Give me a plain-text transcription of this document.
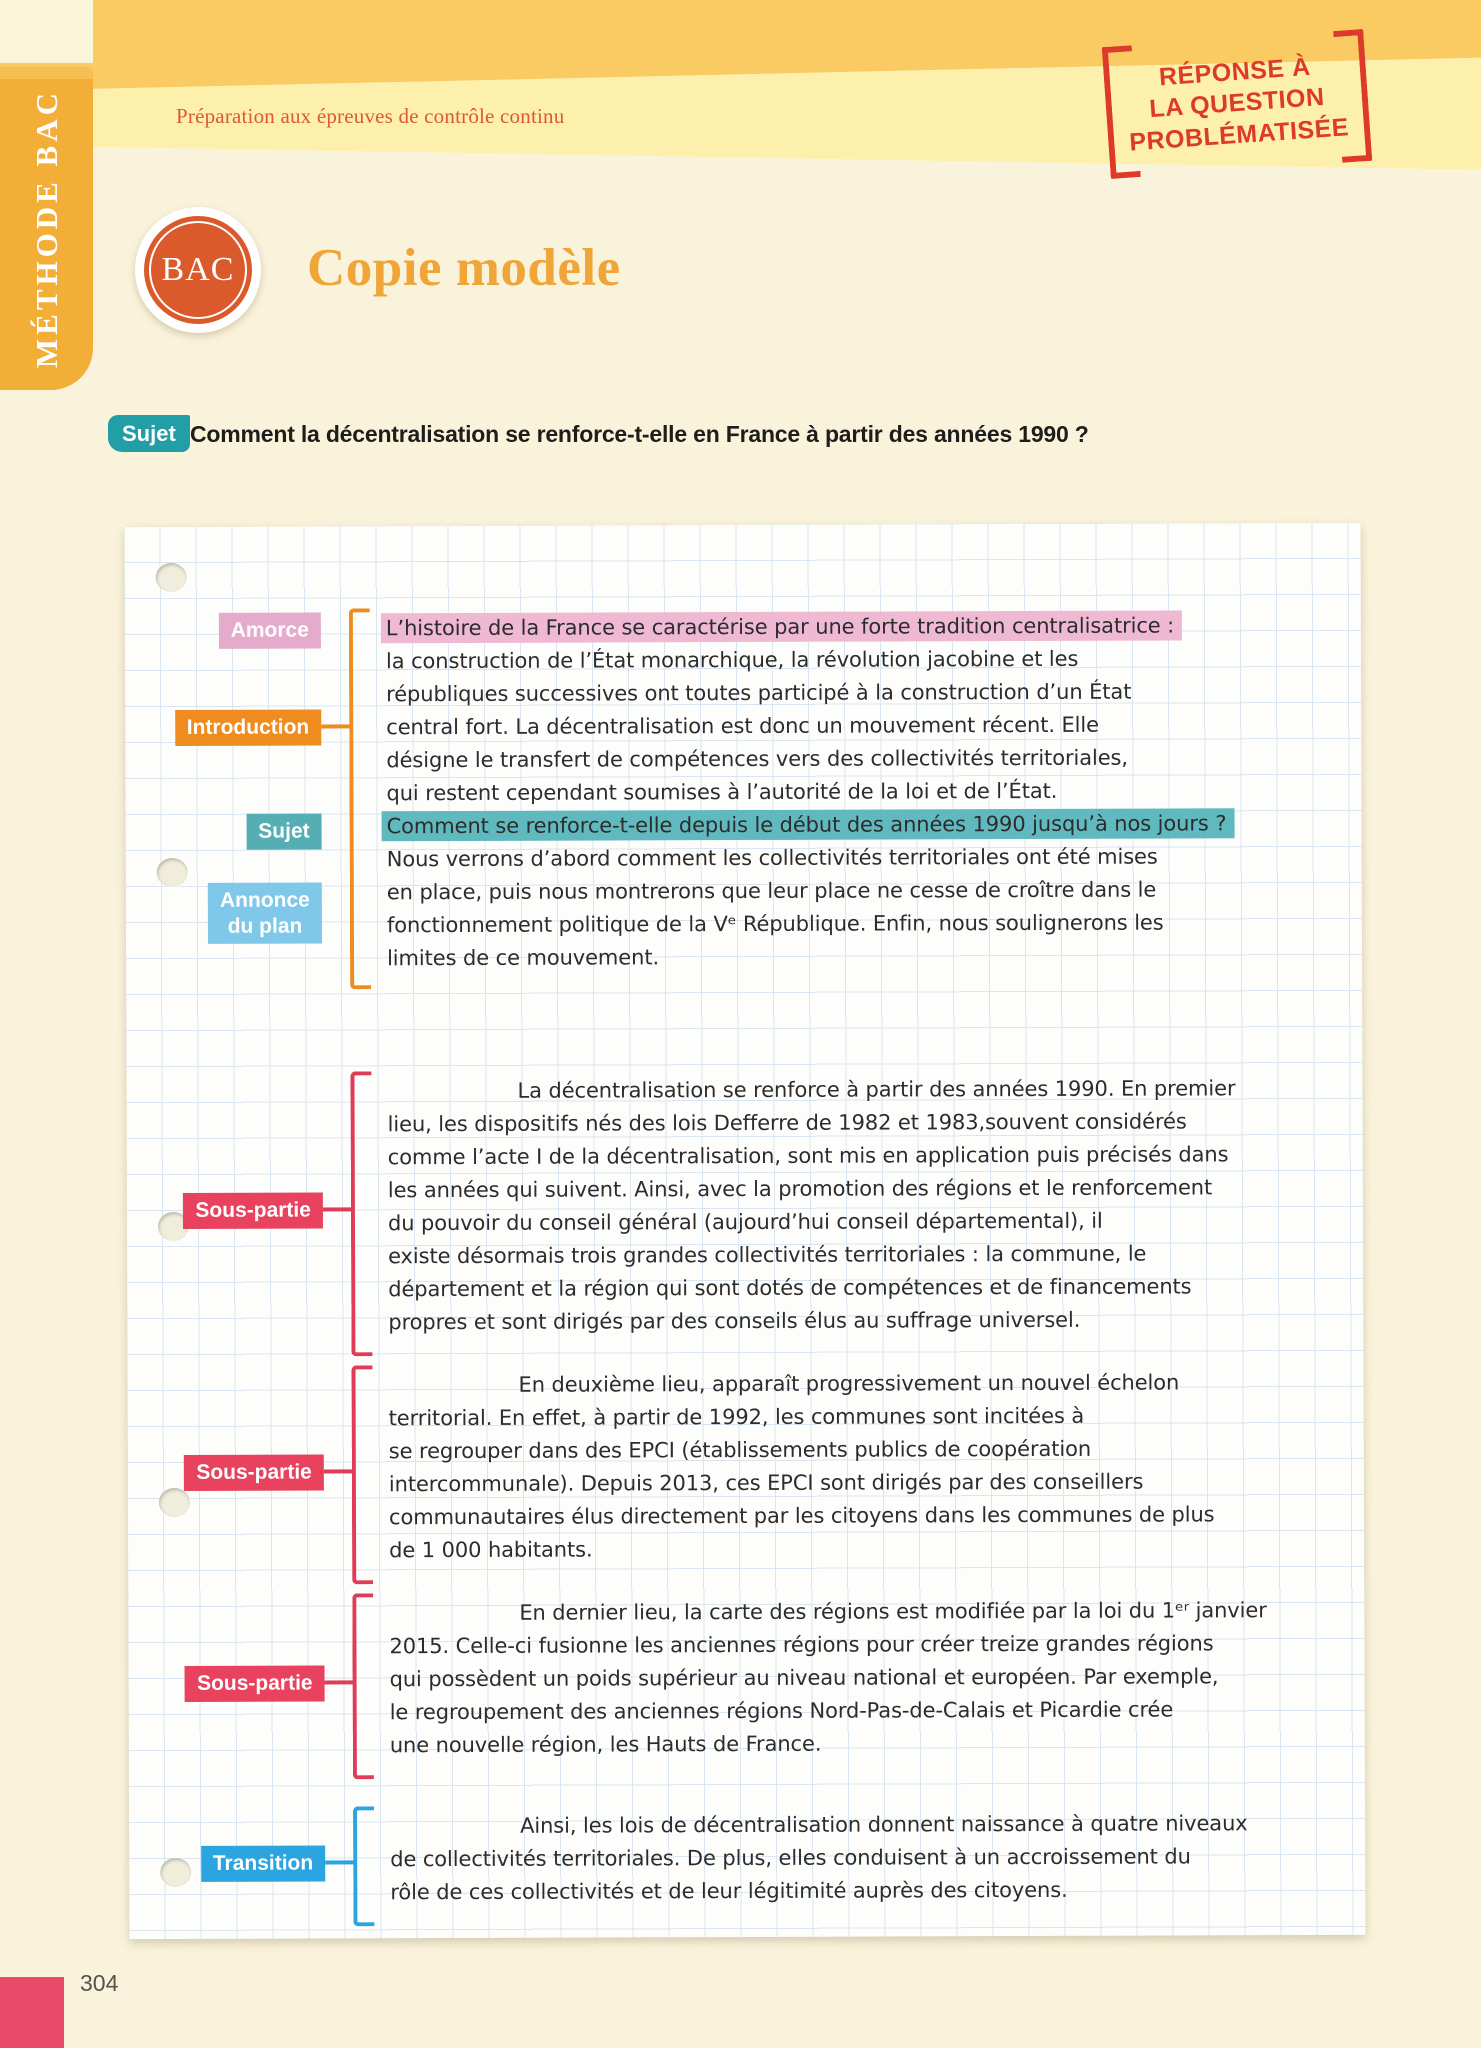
Préparation aux épreuves de contrôle continu
MÉTHODE BAC
RÉPONSE À
LA QUESTION
PROBLÉMATISÉE
BAC Copie modèle
Sujet Comment la décentralisation se renforce-t-elle en France à partir des années 1990 ?
Amorce
Introduction
Sujet
Annonce
du plan
Sous-partie
Sous-partie
Sous-partie
Transition
L’histoire de la France se caractérise par une forte tradition centralisatrice :
la construction de l’État monarchique, la révolution jacobine et les
républiques successives ont toutes participé à la construction d’un État
central fort. La décentralisation est donc un mouvement récent. Elle
désigne le transfert de compétences vers des collectivités territoriales,
qui restent cependant soumises à l’autorité de la loi et de l’État.
Comment se renforce-t-elle depuis le début des années 1990 jusqu’à nos jours ?
Nous verrons d’abord comment les collectivités territoriales ont été mises
en place, puis nous montrerons que leur place ne cesse de croître dans le
fonctionnement politique de la Vᵉ République. Enfin, nous soulignerons les
limites de ce mouvement.
La décentralisation se renforce à partir des années 1990. En premier
lieu, les dispositifs nés des lois Defferre de 1982 et 1983,souvent considérés
comme l’acte I de la décentralisation, sont mis en application puis précisés dans
les années qui suivent. Ainsi, avec la promotion des régions et le renforcement
du pouvoir du conseil général (aujourd’hui conseil départemental), il
existe désormais trois grandes collectivités territoriales : la commune, le
département et la région qui sont dotés de compétences et de financements
propres et sont dirigés par des conseils élus au suffrage universel.
En deuxième lieu, apparaît progressivement un nouvel échelon
territorial. En effet, à partir de 1992, les communes sont incitées à
se regrouper dans des EPCI (établissements publics de coopération
intercommunale). Depuis 2013, ces EPCI sont dirigés par des conseillers
communautaires élus directement par les citoyens dans les communes de plus
de 1 000 habitants.
En dernier lieu, la carte des régions est modifiée par la loi du 1ᵉʳ janvier
2015. Celle-ci fusionne les anciennes régions pour créer treize grandes régions
qui possèdent un poids supérieur au niveau national et européen. Par exemple,
le regroupement des anciennes régions Nord-Pas-de-Calais et Picardie crée
une nouvelle région, les Hauts de France.
Ainsi, les lois de décentralisation donnent naissance à quatre niveaux
de collectivités territoriales. De plus, elles conduisent à un accroissement du
rôle de ces collectivités et de leur légitimité auprès des citoyens.
304
